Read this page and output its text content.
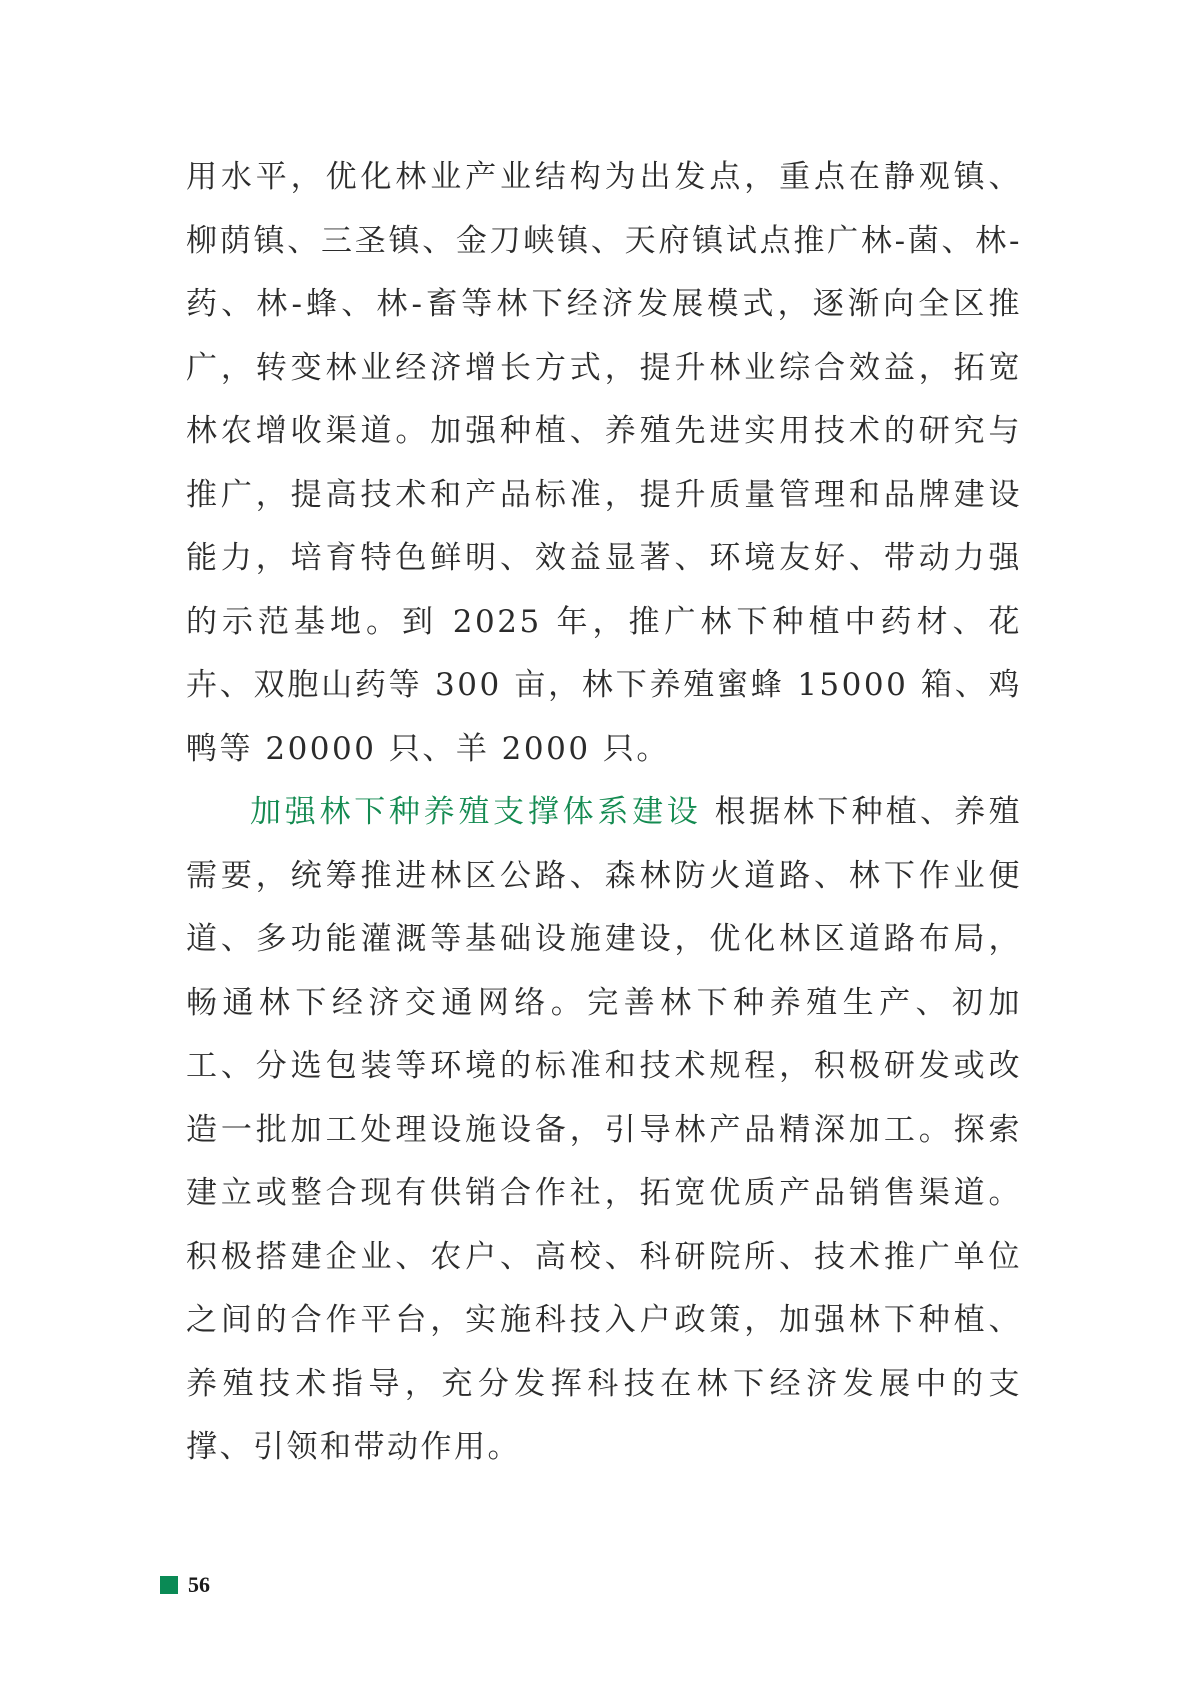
用水平，优化林业产业结构为出发点，重点在静观镇、柳荫镇、三圣镇、金刀峡镇、天府镇试点推广林-菌、林-药、林-蜂、林-畜等林下经济发展模式，逐渐向全区推广，转变林业经济增长方式，提升林业综合效益，拓宽林农增收渠道。加强种植、养殖先进实用技术的研究与推广，提高技术和产品标准，提升质量管理和品牌建设能力，培育特色鲜明、效益显著、环境友好、带动力强的示范基地。到 2025 年，推广林下种植中药材、花卉、双胞山药等 300 亩，林下养殖蜜蜂 15000 箱、鸡鸭等 20000 只、羊 2000 只。

加强林下种养殖支撑体系建设 根据林下种植、养殖需要，统筹推进林区公路、森林防火道路、林下作业便道、多功能灌溉等基础设施建设，优化林区道路布局，畅通林下经济交通网络。完善林下种养殖生产、初加工、分选包装等环境的标准和技术规程，积极研发或改造一批加工处理设施设备，引导林产品精深加工。探索建立或整合现有供销合作社，拓宽优质产品销售渠道。积极搭建企业、农户、高校、科研院所、技术推广单位之间的合作平台，实施科技入户政策，加强林下种植、养殖技术指导，充分发挥科技在林下经济发展中的支撑、引领和带动作用。

56
